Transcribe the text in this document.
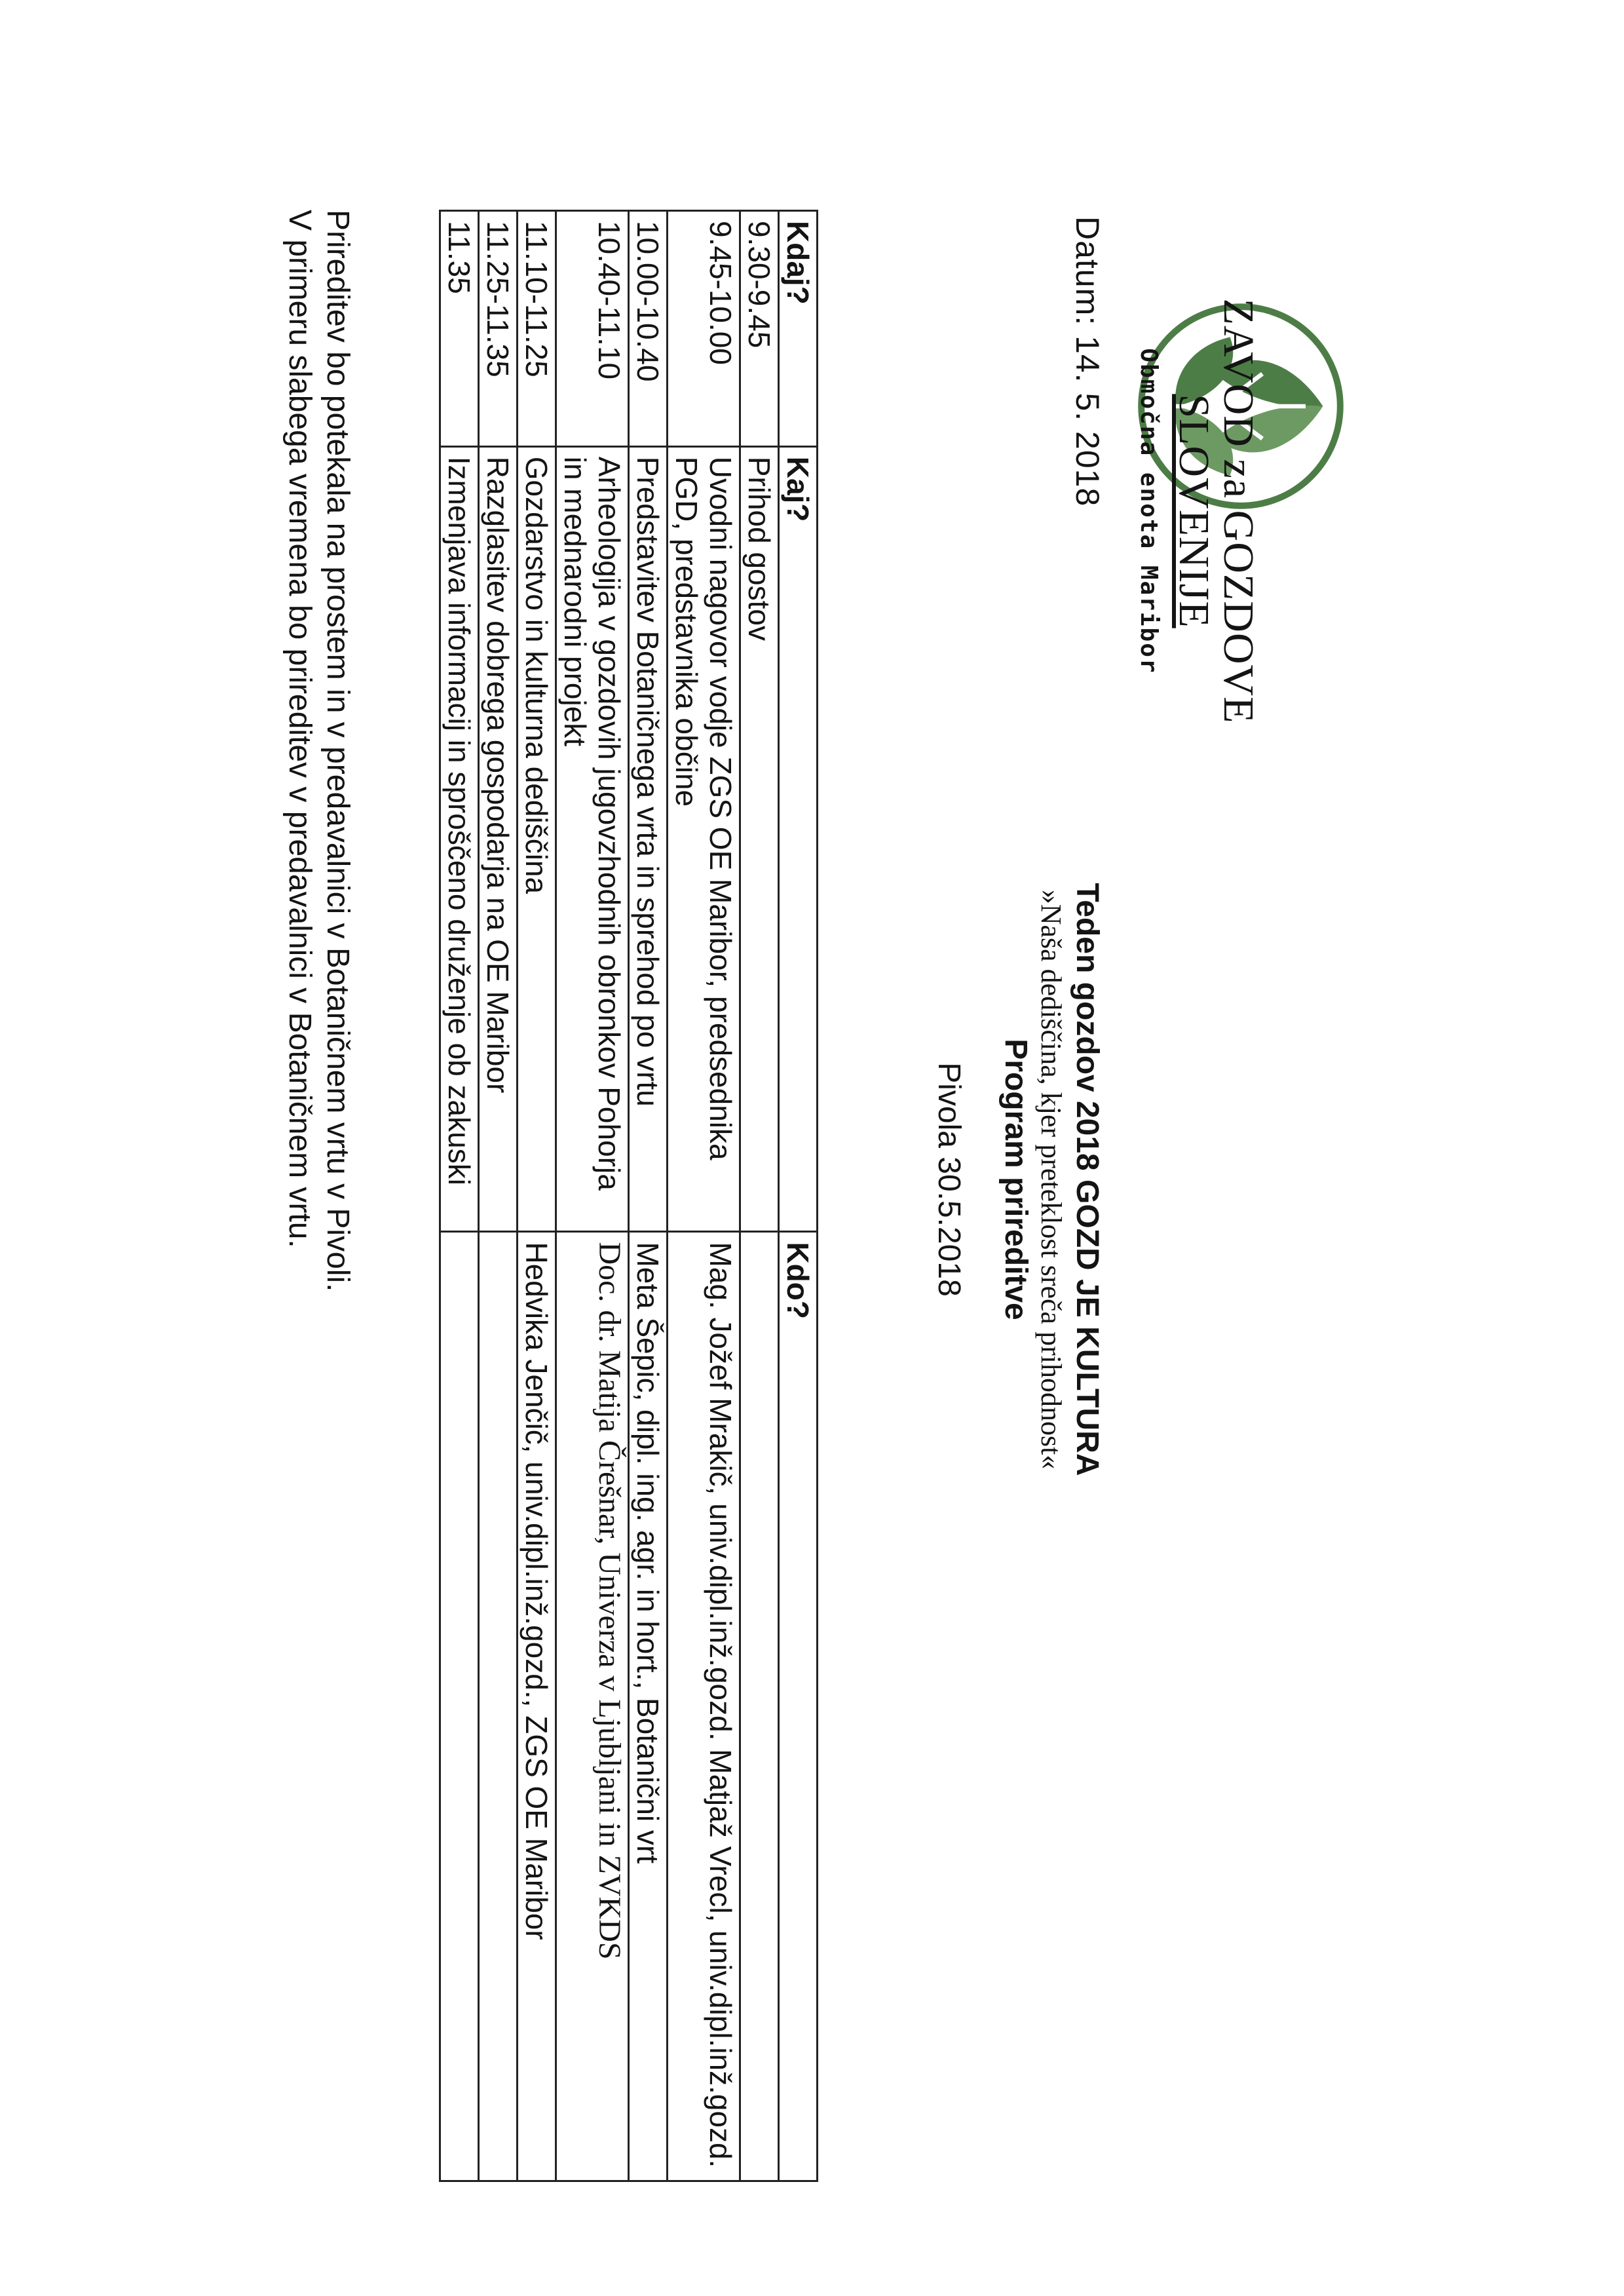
ZAVOD za GOZDOVE
SLOVENIJE
Območna enota Maribor
Datum: 14. 5. 2018
Teden gozdov 2018 GOZD JE KULTURA
»Naša dediščina, kjer preteklost sreča prihodnost«
Program prireditve
Pivola 30.5.2018
Kdaj?	Kaj?	Kdo?
9.30-9.45	Prihod gostov	
9.45-10.00	Uvodni nagovor vodje ZGS OE Maribor, predsednika PGD, predstavnika občine	Mag. Jožef Mrakič, univ.dipl.inž.gozd. Matjaž Vrecl, univ.dipl.inž.gozd.
10.00-10.40	Predstavitev Botaničnega vrta in sprehod po vrtu	Meta Šepic, dipl. ing. agr. in hort., Botanični vrt
10.40-11.10	Arheologija v gozdovih jugovzhodnih obronkov Pohorja in mednarodni projekt	Doc. dr. Matija Črešnar, Univerza v Ljubljani in ZVKDS
11.10-11.25	Gozdarstvo in kulturna dediščina	Hedvika Jenčič, univ.dipl.inž.gozd., ZGS OE Maribor
11.25-11.35	Razglasitev dobrega gospodarja na OE Maribor	
11.35	Izmenjava informacij in sproščeno druženje ob zakuski	
Prireditev bo potekala na prostem in v predavalnici v Botaničnem vrtu v Pivoli.
V primeru slabega vremena bo prireditev v predavalnici v Botaničnem vrtu.
